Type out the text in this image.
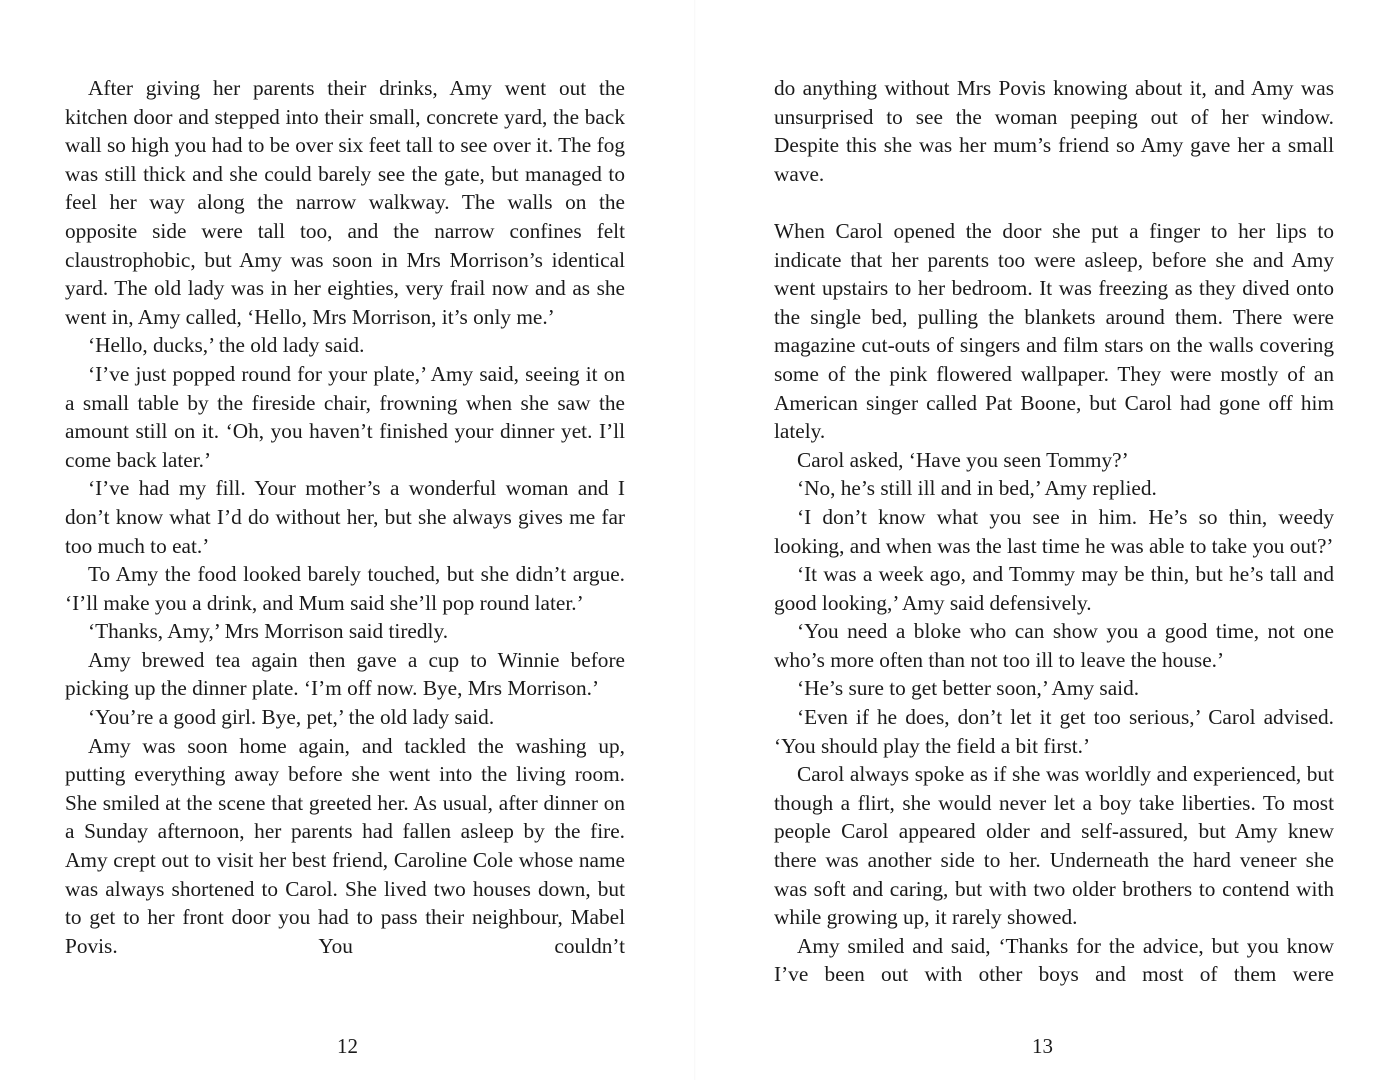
After giving her parents their drinks, Amy went out the kitchen door and stepped into their small, concrete yard, the back wall so high you had to be over six feet tall to see over it. The fog was still thick and she could barely see the gate, but managed to feel her way along the narrow walkway. The walls on the opposite side were tall too, and the narrow confines felt claustrophobic, but Amy was soon in Mrs Morrison’s identical yard. The old lady was in her eighties, very frail now and as she went in, Amy called, ‘Hello, Mrs Morrison, it’s only me.’

‘Hello, ducks,’ the old lady said.

‘I’ve just popped round for your plate,’ Amy said, seeing it on a small table by the fireside chair, frowning when she saw the amount still on it. ‘Oh, you haven’t finished your dinner yet. I’ll come back later.’

‘I’ve had my fill. Your mother’s a wonderful woman and I don’t know what I’d do without her, but she always gives me far too much to eat.’

To Amy the food looked barely touched, but she didn’t argue. ‘I’ll make you a drink, and Mum said she’ll pop round later.’

‘Thanks, Amy,’ Mrs Morrison said tiredly.

Amy brewed tea again then gave a cup to Winnie before picking up the dinner plate. ‘I’m off now. Bye, Mrs Morrison.’

‘You’re a good girl. Bye, pet,’ the old lady said.

Amy was soon home again, and tackled the washing up, putting everything away before she went into the living room. She smiled at the scene that greeted her. As usual, after dinner on a Sunday afternoon, her parents had fallen asleep by the fire. Amy crept out to visit her best friend, Caroline Cole whose name was always shortened to Carol. She lived two houses down, but to get to her front door you had to pass their neighbour, Mabel Povis. You couldn’t

12

do anything without Mrs Povis knowing about it, and Amy was unsurprised to see the woman peeping out of her window. Despite this she was her mum’s friend so Amy gave her a small wave.

When Carol opened the door she put a finger to her lips to indicate that her parents too were asleep, before she and Amy went upstairs to her bedroom. It was freezing as they dived onto the single bed, pulling the blankets around them. There were magazine cut-outs of singers and film stars on the walls covering some of the pink flowered wallpaper. They were mostly of an American singer called Pat Boone, but Carol had gone off him lately.

Carol asked, ‘Have you seen Tommy?’

‘No, he’s still ill and in bed,’ Amy replied.

‘I don’t know what you see in him. He’s so thin, weedy looking, and when was the last time he was able to take you out?’

‘It was a week ago, and Tommy may be thin, but he’s tall and good looking,’ Amy said defensively.

‘You need a bloke who can show you a good time, not one who’s more often than not too ill to leave the house.’

‘He’s sure to get better soon,’ Amy said.

‘Even if he does, don’t let it get too serious,’ Carol advised. ‘You should play the field a bit first.’

Carol always spoke as if she was worldly and experienced, but though a flirt, she would never let a boy take liberties. To most people Carol appeared older and self-assured, but Amy knew there was another side to her. Underneath the hard veneer she was soft and caring, but with two older brothers to contend with while growing up, it rarely showed.

Amy smiled and said, ‘Thanks for the advice, but you know I’ve been out with other boys and most of them were

13
